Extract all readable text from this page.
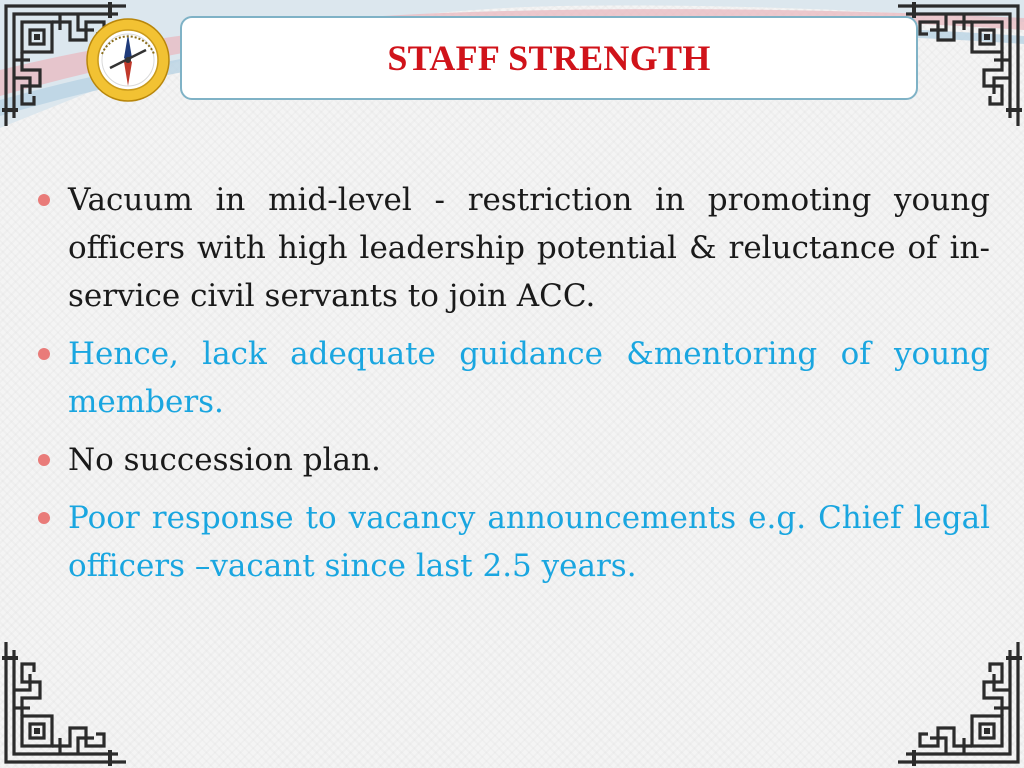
STAFF STRENGTH
Vacuum in mid-level - restriction in promoting young officers with high leadership potential & reluctance of in-service civil servants to join ACC.
Hence, lack adequate guidance &mentoring of young members.
No succession plan.
Poor response to vacancy announcements e.g. Chief legal officers –vacant since last 2.5 years.
